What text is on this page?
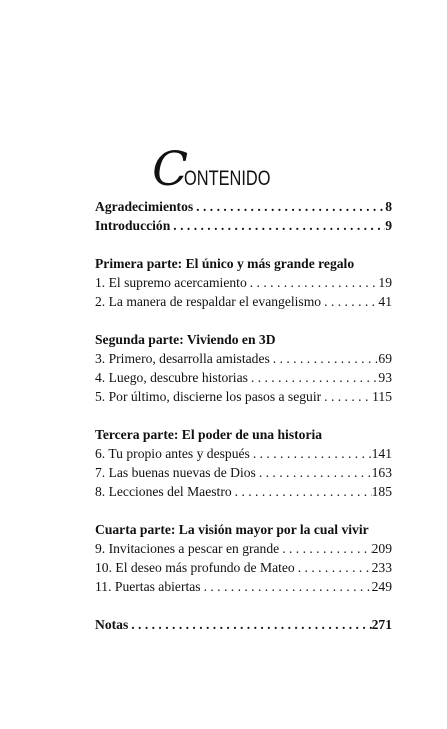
CONTENIDO
Agradecimientos . . .	8
Introducción . . .	9
Primera parte: El único y más grande regalo
1. El supremo acercamiento . . .	19
2. La manera de respaldar el evangelismo . . .	41
Segunda parte: Viviendo en 3D
3. Primero, desarrolla amistades . . .	69
4. Luego, descubre historias . . .	93
5. Por último, discierne los pasos a seguir . . .	115
Tercera parte: El poder de una historia
6. Tu propio antes y después . . .	141
7. Las buenas nuevas de Dios . . .	163
8. Lecciones del Maestro . . .	185
Cuarta parte: La visión mayor por la cual vivir
9. Invitaciones a pescar en grande . . .	209
10. El deseo más profundo de Mateo . . .	233
11. Puertas abiertas . . .	249
Notas . . .	271
